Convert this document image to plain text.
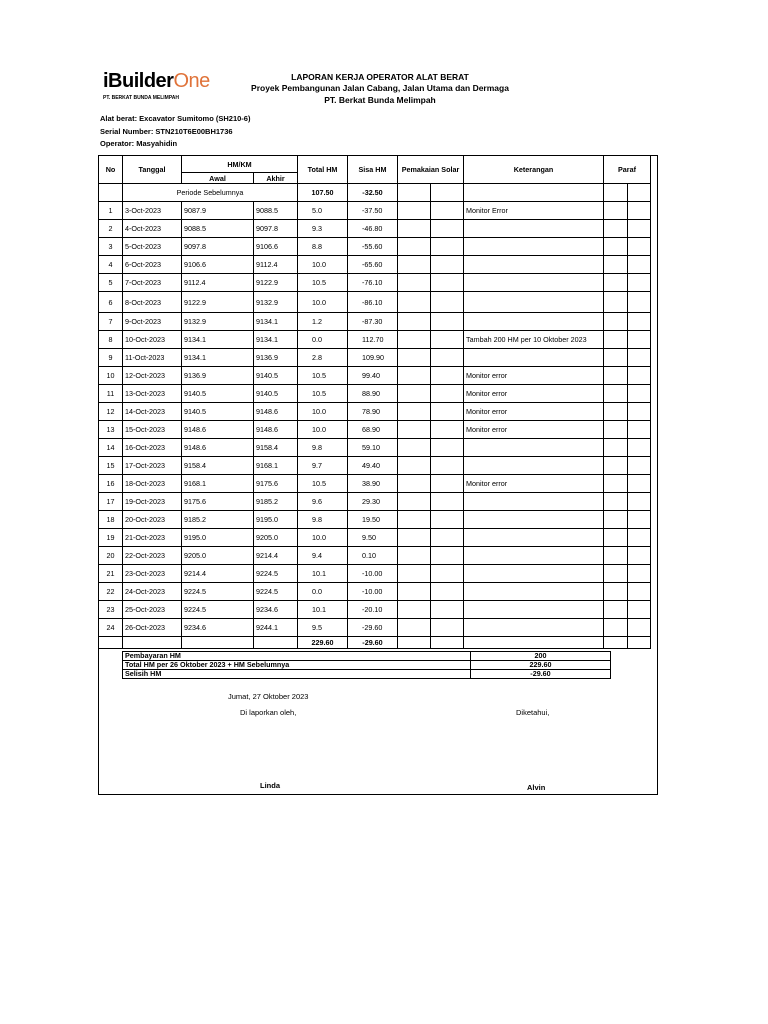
iBuilderOne
PT. BERKAT BUNDA MELIMPAH
LAPORAN KERJA OPERATOR ALAT BERAT
Proyek Pembangunan Jalan Cabang, Jalan Utama dan Dermaga
PT. Berkat Bunda Melimpah
Alat berat: Excavator Sumitomo (SH210-6)
Serial Number: STN210T6E00BH1736
Operator: Masyahidin
No	Tanggal	HM/KM		Total HM	Sisa HM	Pemakaian Solar		Keterangan	Paraf	
		Awal	Akhir							
	Periode Sebelumnya			107.50	-32.50					
1	3-Oct-2023	9087.9	9088.5	5.0	-37.50			Monitor Error		
2	4-Oct-2023	9088.5	9097.8	9.3	-46.80					
3	5-Oct-2023	9097.8	9106.6	8.8	-55.60					
4	6-Oct-2023	9106.6	9112.4	10.0	-65.60					
5	7-Oct-2023	9112.4	9122.9	10.5	-76.10					
6	8-Oct-2023	9122.9	9132.9	10.0	-86.10					
7	9-Oct-2023	9132.9	9134.1	1.2	-87.30					
8	10-Oct-2023	9134.1	9134.1	0.0	112.70			Tambah 200 HM per 10 Oktober 2023		
9	11-Oct-2023	9134.1	9136.9	2.8	109.90					
10	12-Oct-2023	9136.9	9140.5	10.5	99.40			Monitor error		
11	13-Oct-2023	9140.5	9140.5	10.5	88.90			Monitor error		
12	14-Oct-2023	9140.5	9148.6	10.0	78.90			Monitor error		
13	15-Oct-2023	9148.6	9148.6	10.0	68.90			Monitor error		
14	16-Oct-2023	9148.6	9158.4	9.8	59.10					
15	17-Oct-2023	9158.4	9168.1	9.7	49.40					
16	18-Oct-2023	9168.1	9175.6	10.5	38.90			Monitor error		
17	19-Oct-2023	9175.6	9185.2	9.6	29.30					
18	20-Oct-2023	9185.2	9195.0	9.8	19.50					
19	21-Oct-2023	9195.0	9205.0	10.0	9.50					
20	22-Oct-2023	9205.0	9214.4	9.4	0.10					
21	23-Oct-2023	9214.4	9224.5	10.1	-10.00					
22	24-Oct-2023	9224.5	9224.5	0.0	-10.00					
23	25-Oct-2023	9224.5	9234.6	10.1	-20.10					
24	26-Oct-2023	9234.6	9244.1	9.5	-29.60					
				229.60	-29.60					
Pembayaran HM	200
Total HM per 26 Oktober 2023 + HM Sebelumnya	229.60
Selisih HM	-29.60
Jumat, 27 Oktober 2023
Di laporkan oleh,	Diketahui,
Linda	Alvin
